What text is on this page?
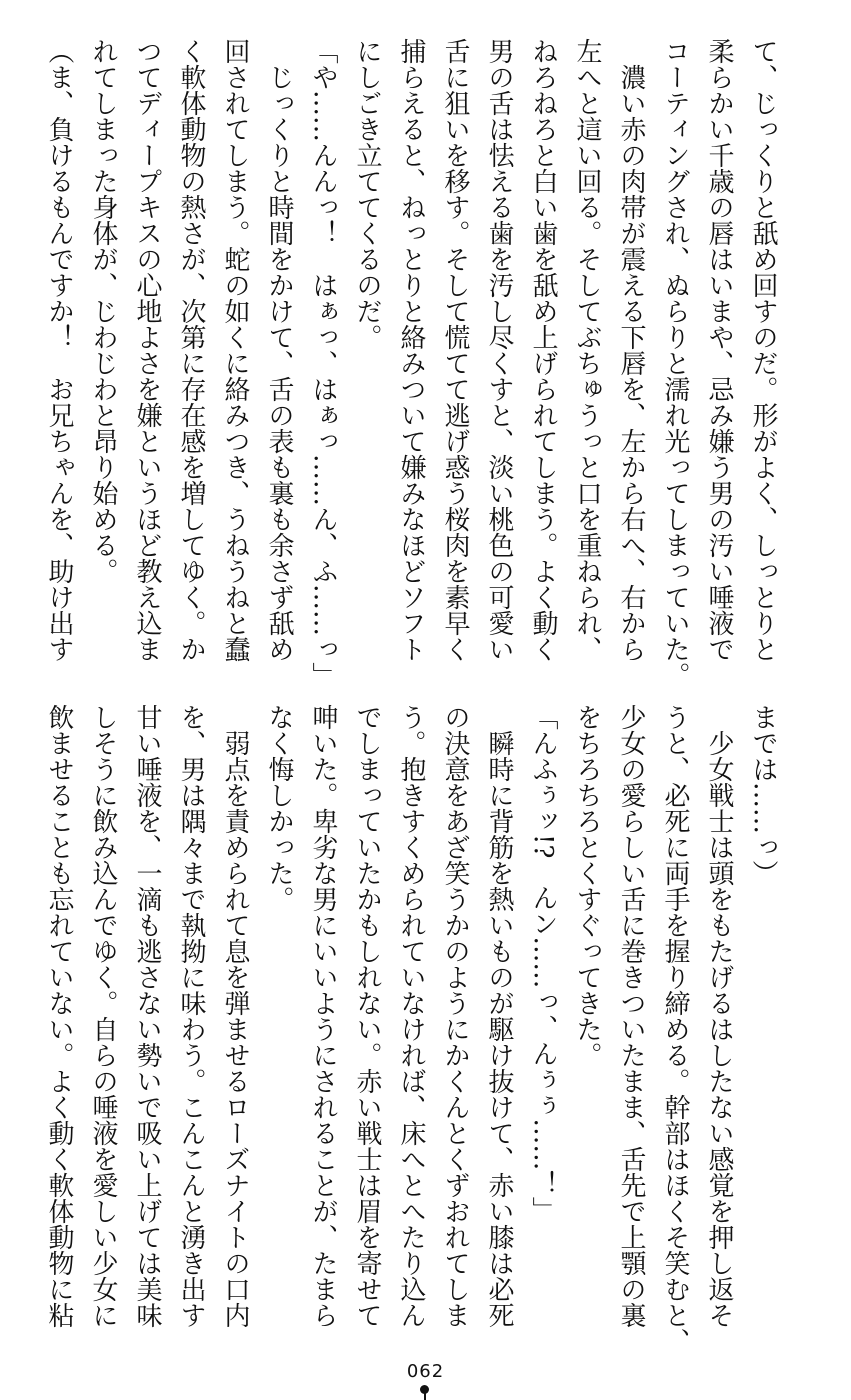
て、じっくりと舐め回すのだ。形がよく、しっとりと
柔らかい千歳の唇はいまや、忌み嫌う男の汚い唾液で
コーティングされ、ぬらりと濡れ光ってしまっていた。
　濃い赤の肉帯が震える下唇を、左から右へ、右から
左へと這い回る。そしてぶちゅうっと口を重ねられ、
ねろねろと白い歯を舐め上げられてしまう。よく動く
男の舌は怯える歯を汚し尽くすと、淡い桃色の可愛い
舌に狙いを移す。そして慌てて逃げ惑う桜肉を素早く
捕らえると、ねっとりと絡みついて嫌みなほどソフト
にしごき立ててくるのだ。
「や……んんっ！　はぁっ、はぁっ……ん、ふ……っ」
　じっくりと時間をかけて、舌の表も裏も余さず舐め
回されてしまう。蛇の如くに絡みつき、うねうねと蠢
く軟体動物の熱さが、次第に存在感を増してゆく。か
つてディープキスの心地よさを嫌というほど教え込ま
れてしまった身体が、じわじわと昂り始める。
（ま、負けるもんですか！　お兄ちゃんを、助け出す
までは……っ）
　少女戦士は頭をもたげるはしたない感覚を押し返そ
うと、必死に両手を握り締める。幹部はほくそ笑むと、
少女の愛らしい舌に巻きついたまま、舌先で上顎の裏
をちろちろとくすぐってきた。
「んふぅッ!?　んン……っ、んぅぅ……！」
　瞬時に背筋を熱いものが駆け抜けて、赤い膝は必死
の決意をあざ笑うかのようにかくんとくずおれてしま
う。抱きすくめられていなければ、床へとへたり込ん
でしまっていたかもしれない。赤い戦士は眉を寄せて
呻いた。卑劣な男にいいようにされることが、たまら
なく悔しかった。
　弱点を責められて息を弾ませるローズナイトの口内
を、男は隅々まで執拗に味わう。こんこんと湧き出す
甘い唾液を、一滴も逃さない勢いで吸い上げては美味
しそうに飲み込んでゆく。自らの唾液を愛しい少女に
飲ませることも忘れていない。よく動く軟体動物に粘
062
